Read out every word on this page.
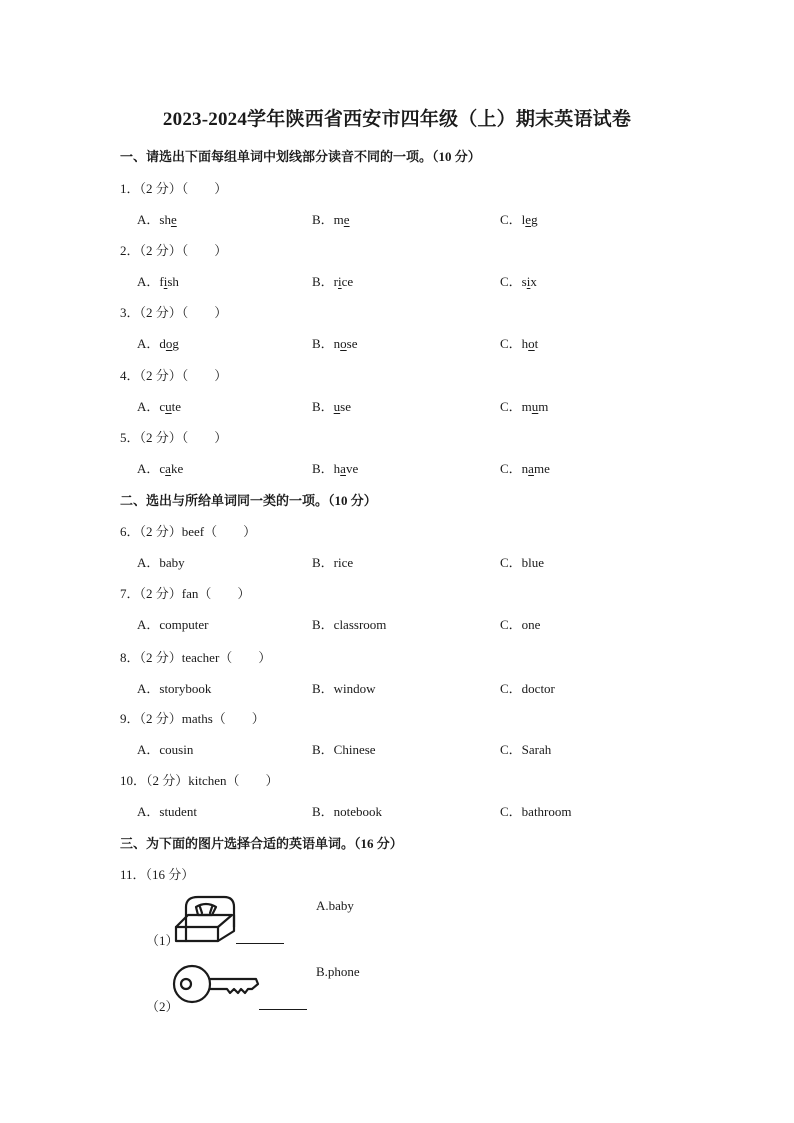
2023-2024学年陕西省西安市四年级（上）期末英语试卷
一、请选出下面每组单词中划线部分读音不同的一项。（10 分）
二、选出与所给单词同一类的一项。（10 分）
三、为下面的图片选择合适的英语单词。（16 分）
1．（2 分）（　　）
A．she	B．me	C．leg
2．（2 分）（　　）
A．fish	B．rice	C．six
3．（2 分）（　　）
A．dog	B．nose	C．hot
4．（2 分）（　　）
A．cute	B．use	C．mum
5．（2 分）（　　）
A．cake	B．have	C．name
6．（2 分）beef（　　）
A．baby	B．rice	C．blue
7．（2 分）fan（　　）
A．computer	B．classroom	C．one
8．（2 分）teacher（　　）
A．storybook	B．window	C．doctor
9．（2 分）maths（　　）
A．cousin	B．Chinese	C．Sarah
10．（2 分）kitchen（　　）
A．student	B．notebook	C．bathroom
11．（16 分）
（1）
A.baby
（2）
B.phone
